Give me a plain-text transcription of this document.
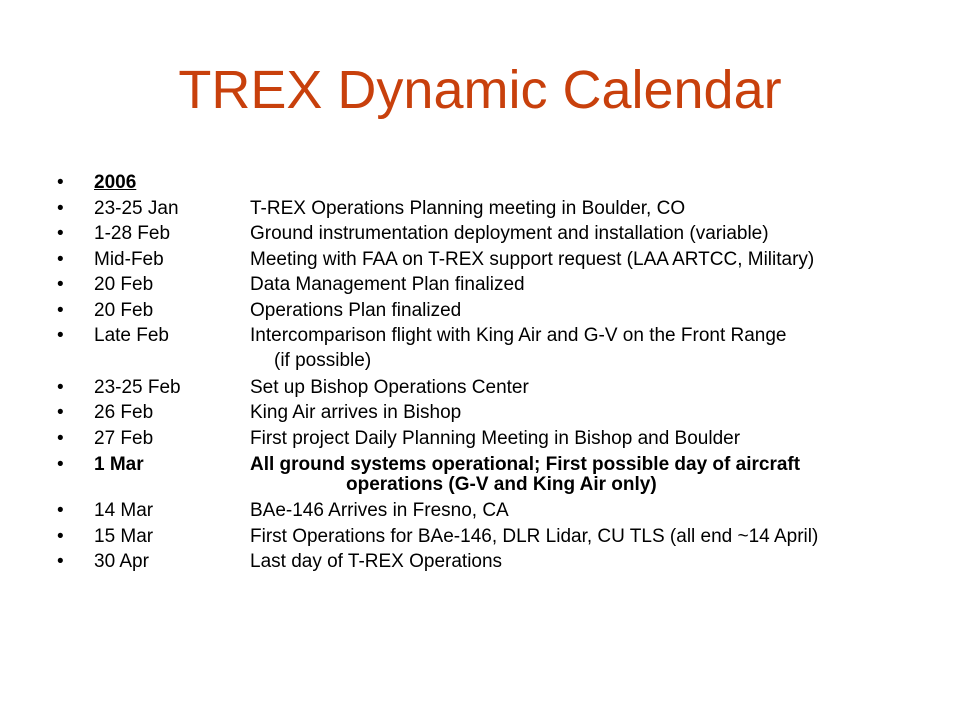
TREX Dynamic Calendar
• 2006
• 23-25 Jan	T-REX Operations Planning meeting in Boulder, CO
• 1-28 Feb	Ground instrumentation deployment and installation (variable)
• Mid-Feb	Meeting with FAA on T-REX support request (LAA ARTCC, Military)
• 20 Feb	Data Management Plan finalized
• 20 Feb	Operations Plan finalized
• Late Feb	Intercomparison flight with King Air and G-V on the Front Range
(if possible)
• 23-25 Feb	Set up Bishop Operations Center
• 26 Feb	King Air arrives in Bishop
• 27 Feb	First project Daily Planning Meeting in Bishop and Boulder
• 1 Mar	All ground systems operational; First possible day of aircraft
operations (G-V and King Air only)
• 14 Mar	BAe-146 Arrives in Fresno, CA
• 15 Mar	First Operations for BAe-146, DLR Lidar, CU TLS (all end ~14 April)
• 30 Apr	Last day of T-REX Operations
